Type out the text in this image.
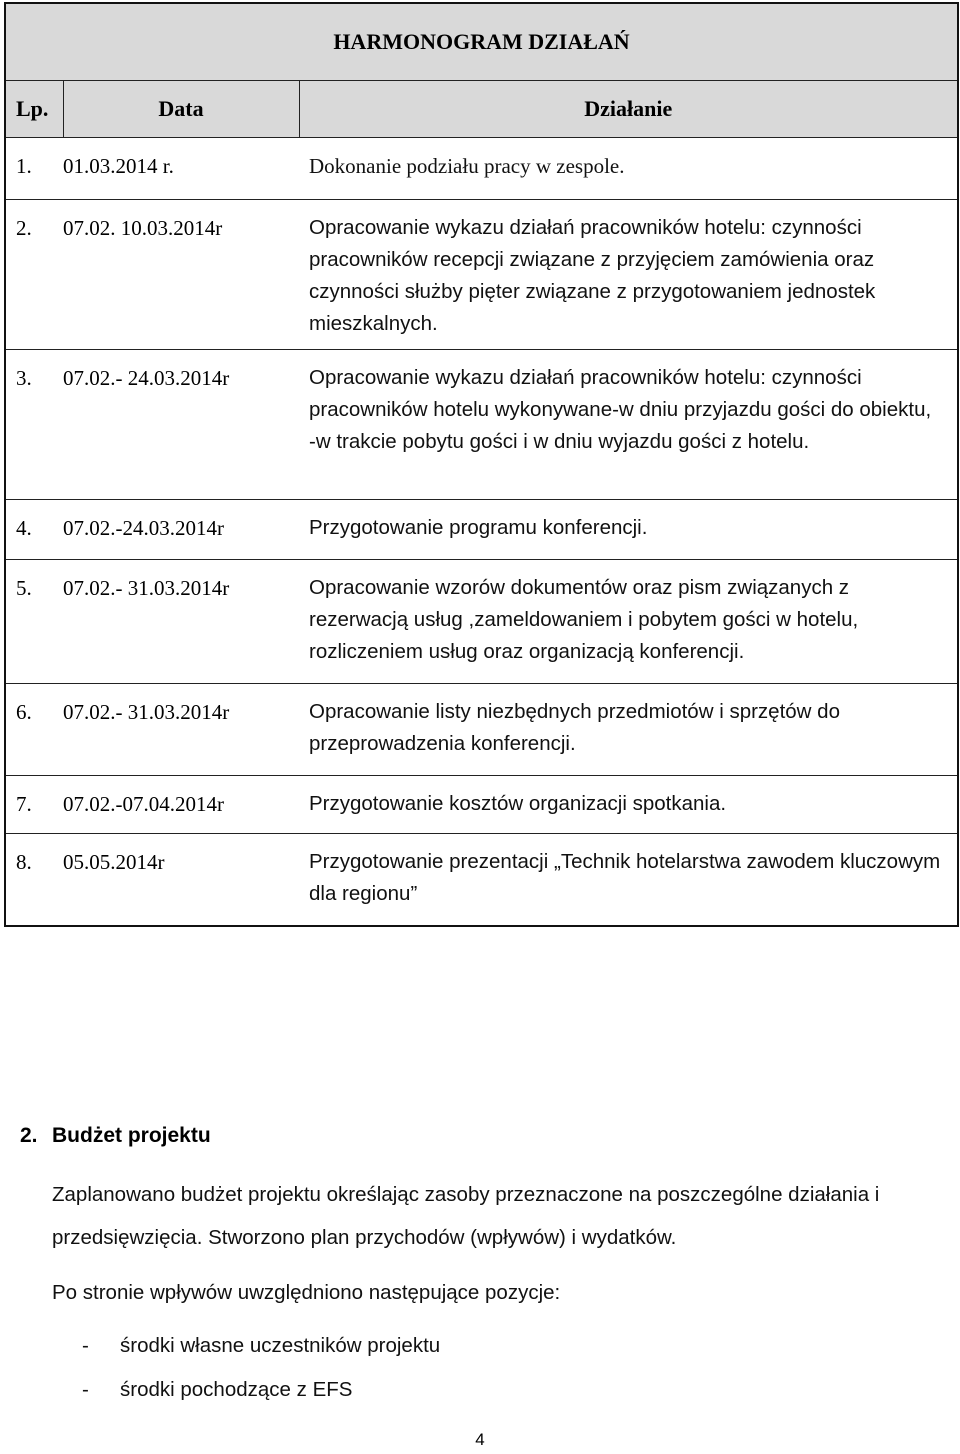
HARMONOGRAM DZIAŁAŃ		
Lp.	Data	Działanie
1.	01.03.2014 r.	Dokonanie podziału pracy w zespole.
2.	07.02. 10.03.2014r	Opracowanie wykazu działań pracowników hotelu: czynności pracowników recepcji związane z przyjęciem zamówienia oraz czynności służby pięter związane z przygotowaniem jednostek mieszkalnych.
3.	07.02.- 24.03.2014r	Opracowanie wykazu działań pracowników hotelu: czynności pracowników hotelu wykonywane-w dniu przyjazdu gości do obiektu, -w trakcie pobytu gości i w dniu wyjazdu gości z hotelu.
4.	07.02.-24.03.2014r	Przygotowanie programu konferencji.
5.	07.02.- 31.03.2014r	Opracowanie wzorów dokumentów oraz pism związanych z rezerwacją usług ,zameldowaniem i pobytem gości w hotelu, rozliczeniem usług oraz organizacją konferencji.
6.	07.02.- 31.03.2014r	Opracowanie listy niezbędnych przedmiotów i sprzętów do przeprowadzenia konferencji.
7.	07.02.-07.04.2014r	Przygotowanie kosztów organizacji spotkania.
8.	05.05.2014r	Przygotowanie prezentacji „Technik hotelarstwa zawodem kluczowym dla regionu”
2. Budżet projektu
Zaplanowano budżet projektu określając zasoby przeznaczone na poszczególne działania i przedsięwzięcia. Stworzono plan przychodów (wpływów) i wydatków.
Po stronie wpływów uwzględniono następujące pozycje:
- środki własne uczestników projektu
- środki pochodzące z EFS
4
